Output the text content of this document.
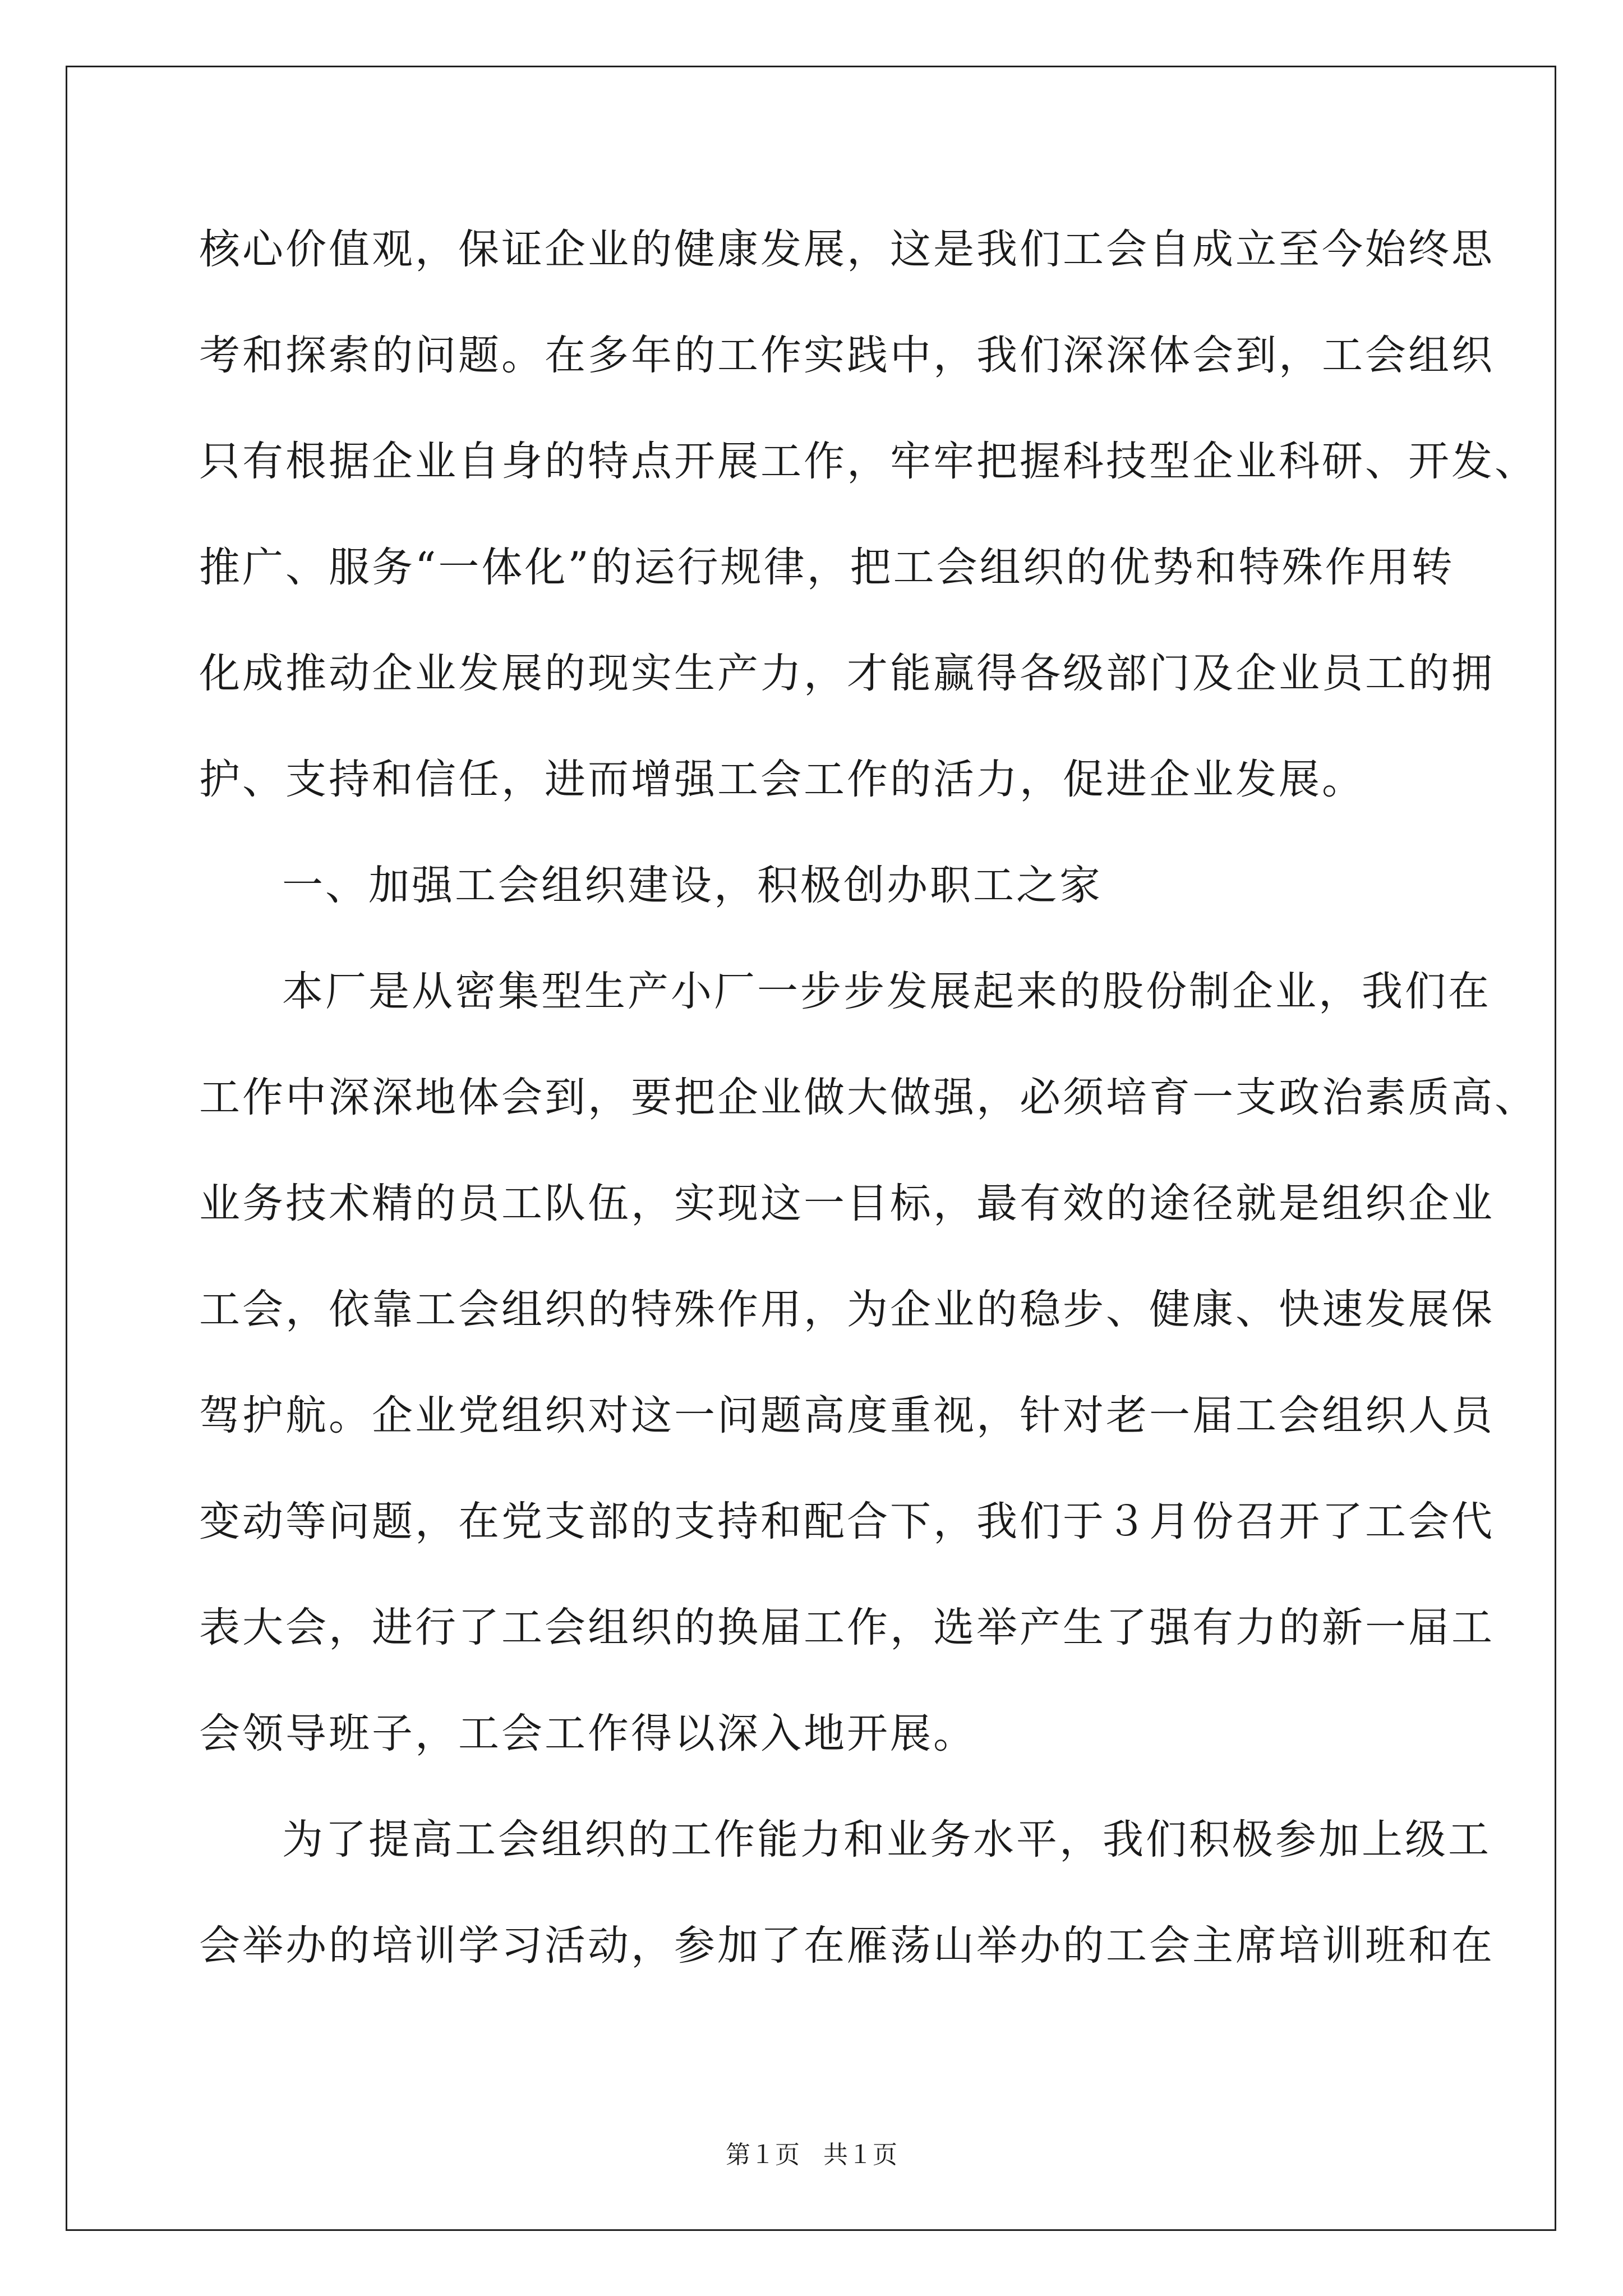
核心价值观，保证企业的健康发展，这是我们工会自成立至今始终思
考和探索的问题。在多年的工作实践中，我们深深体会到，工会组织
只有根据企业自身的特点开展工作，牢牢把握科技型企业科研、开发、
推广、服务“一体化”的运行规律，把工会组织的优势和特殊作用转
化成推动企业发展的现实生产力，才能赢得各级部门及企业员工的拥
护、支持和信任，进而增强工会工作的活力，促进企业发展。
一、加强工会组织建设，积极创办职工之家
本厂是从密集型生产小厂一步步发展起来的股份制企业，我们在
工作中深深地体会到，要把企业做大做强，必须培育一支政治素质高、
业务技术精的员工队伍，实现这一目标，最有效的途径就是组织企业
工会，依靠工会组织的特殊作用，为企业的稳步、健康、快速发展保
驾护航。企业党组织对这一问题高度重视，针对老一届工会组织人员
变动等问题，在党支部的支持和配合下，我们于３月份召开了工会代
表大会，进行了工会组织的换届工作，选举产生了强有力的新一届工
会领导班子，工会工作得以深入地开展。
为了提高工会组织的工作能力和业务水平，我们积极参加上级工
会举办的培训学习活动，参加了在雁荡山举办的工会主席培训班和在
第１页 共１页
